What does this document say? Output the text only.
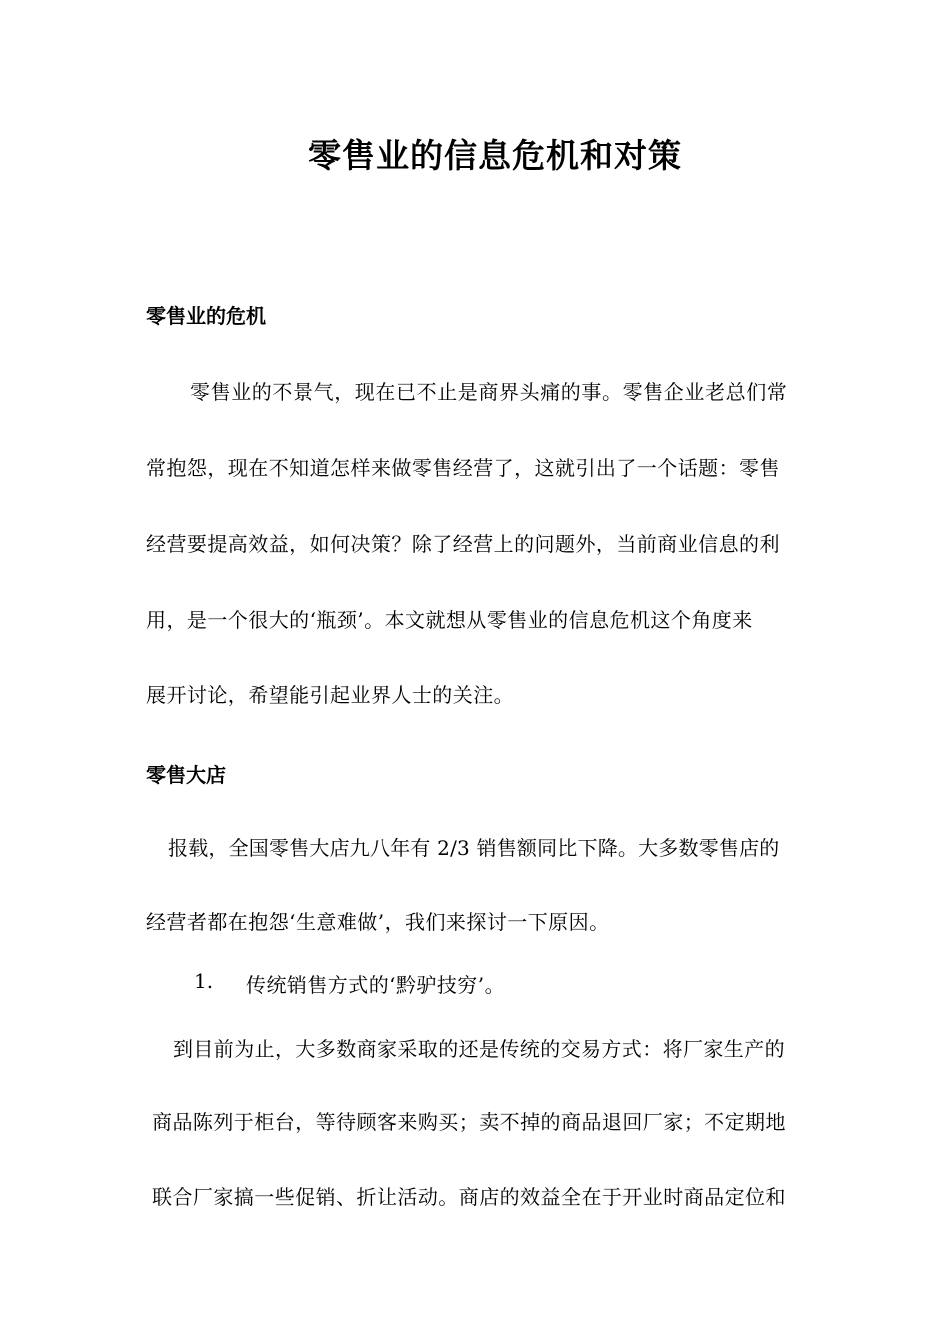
零售业的信息危机和对策
零售业的危机
零售业的不景气，现在已不止是商界头痛的事。零售企业老总们常
常抱怨，现在不知道怎样来做零售经营了，这就引出了一个话题：零售
经营要提高效益，如何决策？除了经营上的问题外，当前商业信息的利
用，是一个很大的‘瓶颈’。本文就想从零售业的信息危机这个角度来
展开讨论，希望能引起业界人士的关注。
零售大店
报载，全国零售大店九八年有 2/3 销售额同比下降。大多数零售店的
经营者都在抱怨‘生意难做’，我们来探讨一下原因。
1. 传统销售方式的‘黔驴技穷’。
到目前为止，大多数商家采取的还是传统的交易方式：将厂家生产的
商品陈列于柜台，等待顾客来购买；卖不掉的商品退回厂家；不定期地
联合厂家搞一些促销、折让活动。商店的效益全在于开业时商品定位和
